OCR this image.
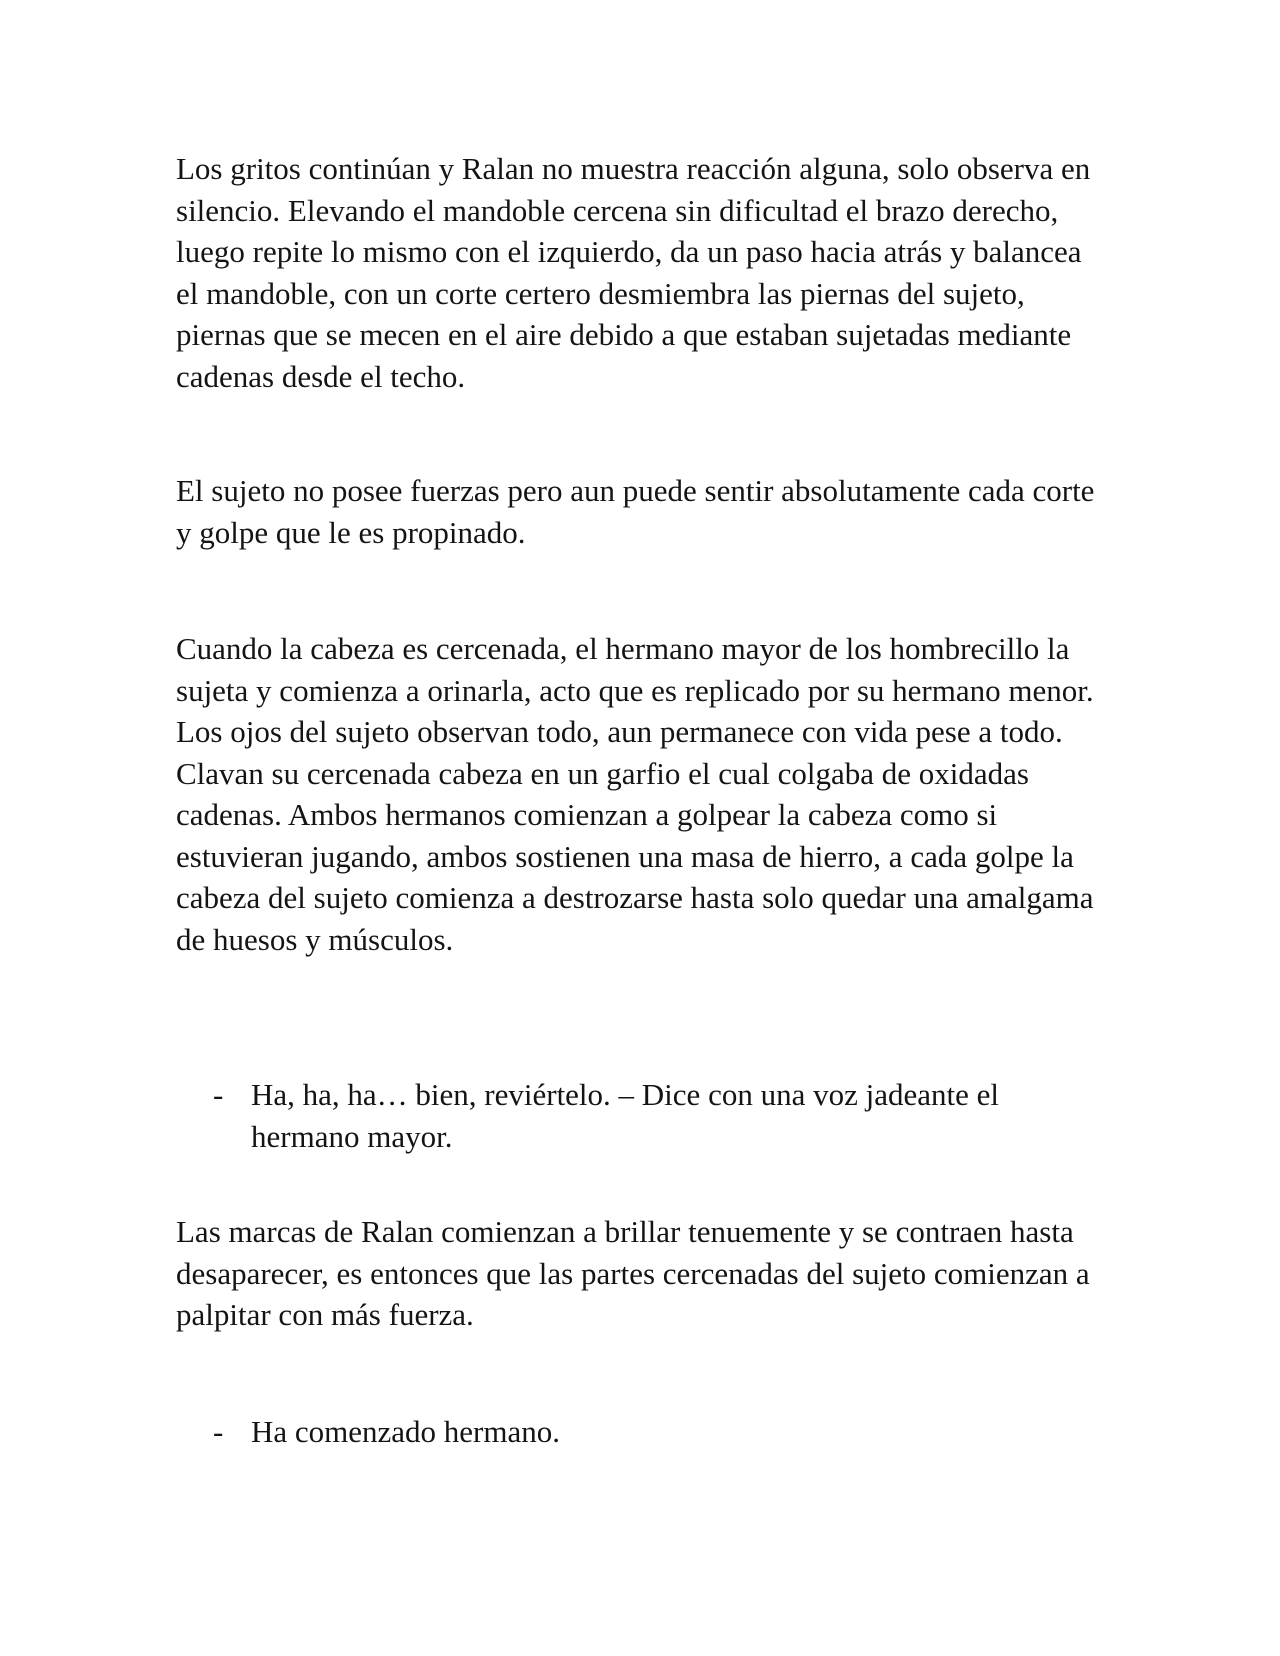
Los gritos continúan y Ralan no muestra reacción alguna, solo observa en silencio. Elevando el mandoble cercena sin dificultad el brazo derecho, luego repite lo mismo con el izquierdo, da un paso hacia atrás y balancea el mandoble, con un corte certero desmiembra las piernas del sujeto, piernas que se mecen en el aire debido a que estaban sujetadas mediante cadenas desde el techo.

El sujeto no posee fuerzas pero aun puede sentir absolutamente cada corte y golpe que le es propinado.

Cuando la cabeza es cercenada, el hermano mayor de los hombrecillo la sujeta y comienza a orinarla, acto que es replicado por su hermano menor. Los ojos del sujeto observan todo, aun permanece con vida pese a todo. Clavan su cercenada cabeza en un garfio el cual colgaba de oxidadas cadenas. Ambos hermanos comienzan a golpear la cabeza como si estuvieran jugando, ambos sostienen una masa de hierro, a cada golpe la cabeza del sujeto comienza a destrozarse hasta solo quedar una amalgama de huesos y músculos.

- Ha, ha, ha… bien, reviértelo. – Dice con una voz jadeante el hermano mayor.

Las marcas de Ralan comienzan a brillar tenuemente y se contraen hasta desaparecer, es entonces que las partes cercenadas del sujeto comienzan a palpitar con más fuerza.

- Ha comenzado hermano.
